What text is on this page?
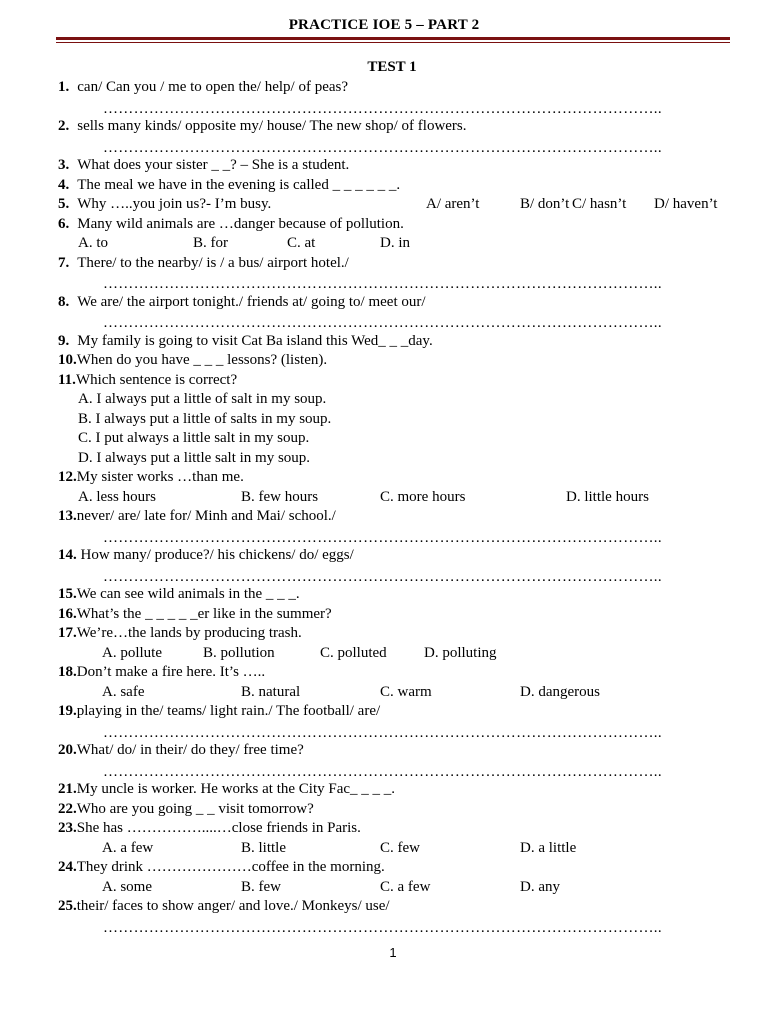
PRACTICE IOE 5 – PART 2
TEST 1
1. can/ Can you / me to open the/ help/ of peas?
………………………………………………………………………………………………..
2. sells many kinds/ opposite my/ house/ The new shop/ of flowers.
………………………………………………………………………………………………..
3. What does your sister _ _? – She is a student.
4. The meal we have in the evening is called _ _ _ _ _ _.
5. Why …..you join us?- I’m busy.	A/ aren’t	B/ don’t C/ hasn’t D/ haven’t
6. Many wild animals are …danger because of pollution.
A. to	B. for	C. at	D. in
7. There/ to the nearby/ is / a bus/ airport hotel./
………………………………………………………………………………………………..
8. We are/ the airport tonight./ friends at/ going to/ meet our/
………………………………………………………………………………………………..
9. My family is going to visit Cat Ba island this Wed_ _ _day.
10.When do you have _ _ _ lessons? (listen).
11.Which sentence is correct?
A. I always put a little of salt in my soup.
B. I always put a little of salts in my soup.
C. I put always a little salt in my soup.
D. I always put a little salt in my soup.
12.My sister works …than me.
A. less hours	B. few hours	C. more hours	D. little hours
13.never/ are/ late for/ Minh and Mai/ school./
………………………………………………………………………………………………..
14. How many/ produce?/ his chickens/ do/ eggs/
………………………………………………………………………………………………..
15.We can see wild animals in the _ _ _.
16.What’s the _ _ _ _ _er like in the summer?
17.We’re…the lands by producing trash.
A. pollute	B. pollution	C. polluted D. polluting
18.Don’t make a fire here. It’s …..
A. safe	B. natural	C. warm	D. dangerous
19.playing in the/ teams/ light rain./ The football/ are/
………………………………………………………………………………………………..
20.What/ do/ in their/ do they/ free time?
………………………………………………………………………………………………..
21.My uncle is worker. He works at the City Fac_ _ _ _.
22.Who are you going _ _ visit tomorrow?
23.She has ……………....…close friends in Paris.
A. a few	B. little	C. few	D. a little
24.They drink …………………coffee in the morning.
A. some	B. few	C. a few	D. any
25.their/ faces to show anger/ and love./ Monkeys/ use/
………………………………………………………………………………………………..
1
